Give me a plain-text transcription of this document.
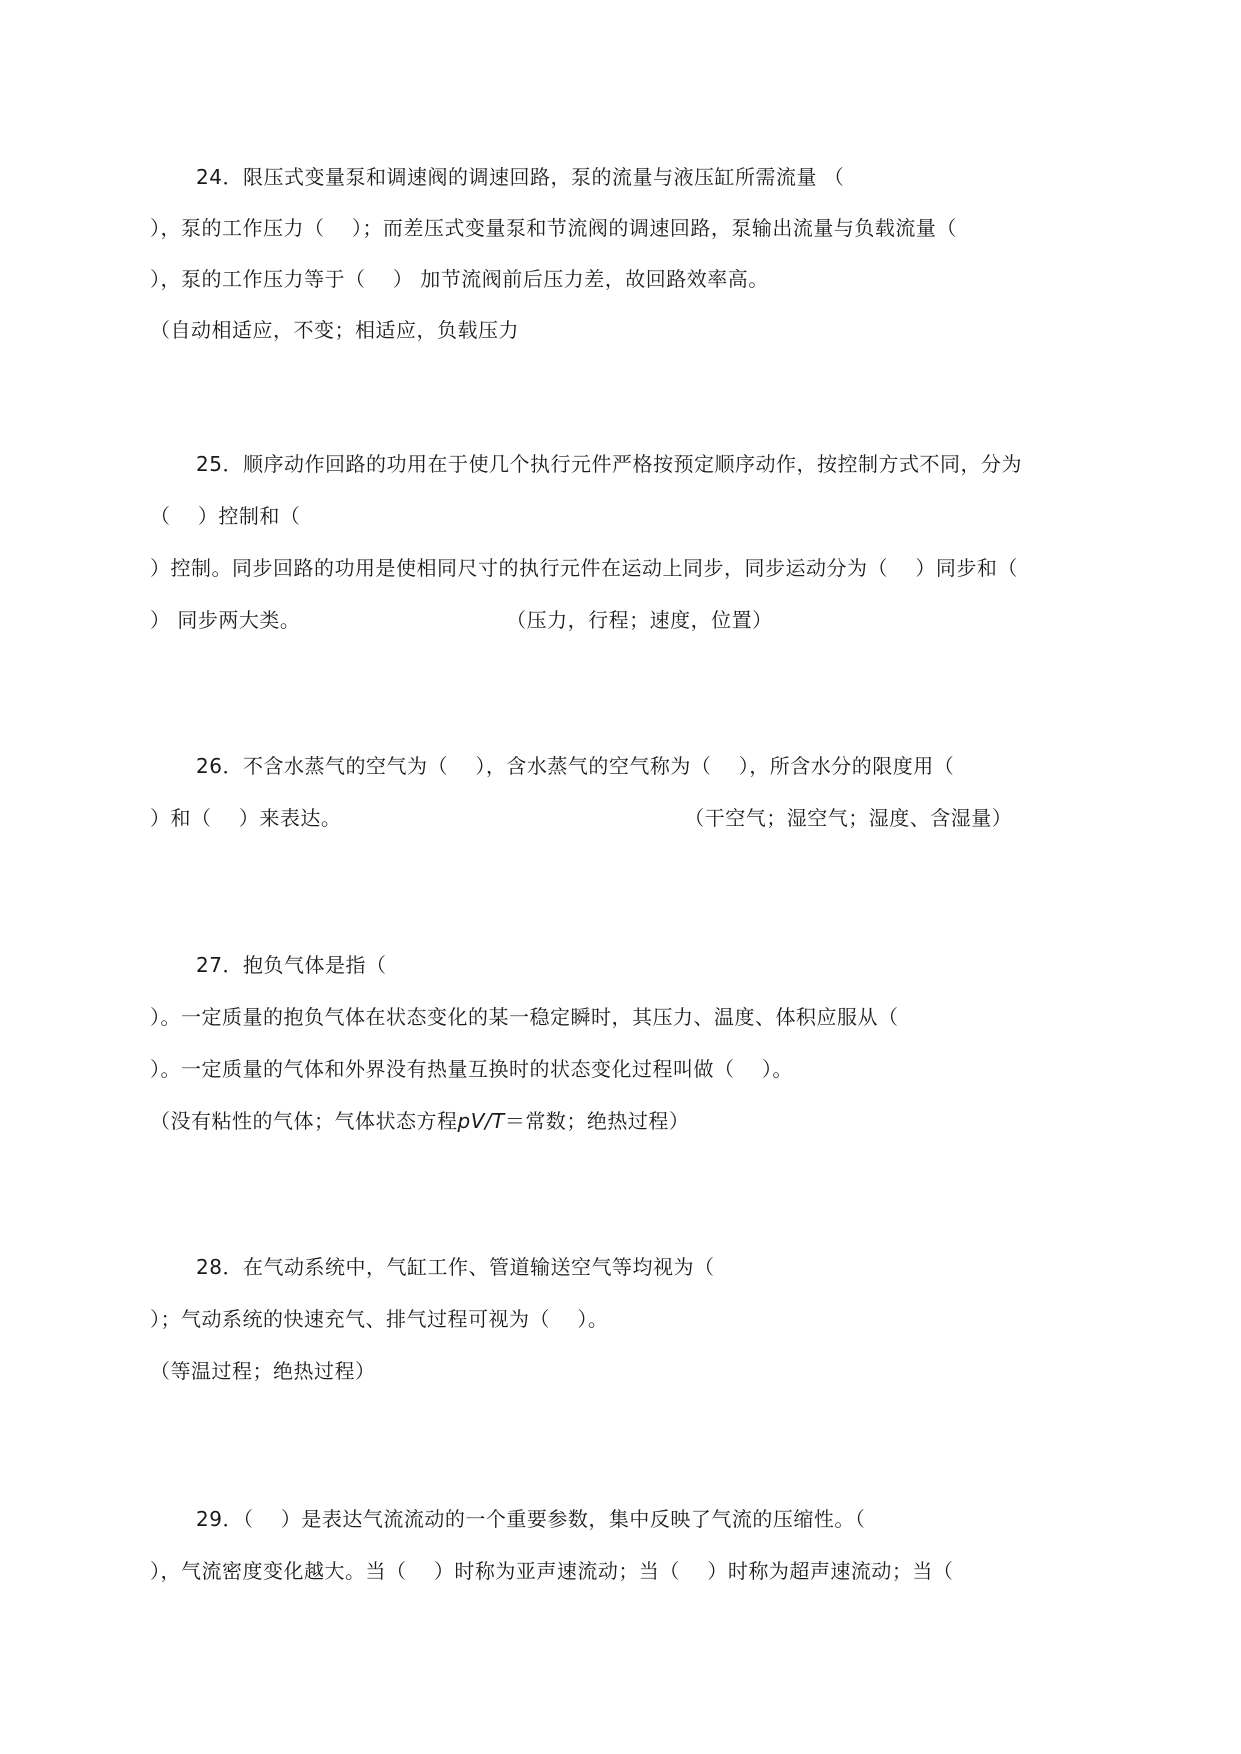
24．限压式变量泵和调速阀的调速回路，泵的流量与液压缸所需流量 （
），泵的工作压力（    ）；而差压式变量泵和节流阀的调速回路，泵输出流量与负载流量（
），泵的工作压力等于（    ） 加节流阀前后压力差，故回路效率高。
（自动相适应，不变；相适应，负载压力
25．顺序动作回路的功用在于使几个执行元件严格按预定顺序动作，按控制方式不同，分为
（    ）控制和（
）控制。同步回路的功用是使相同尺寸的执行元件在运动上同步，同步运动分为（    ）同步和（
） 同步两大类。                              （压力，行程；速度，位置）
26．不含水蒸气的空气为（    ），含水蒸气的空气称为（    ），所含水分的限度用（
）和（    ）来表达。                                                  （干空气；湿空气；湿度、含湿量）
27．抱负气体是指（
）。一定质量的抱负气体在状态变化的某一稳定瞬时，其压力、温度、体积应服从（
）。一定质量的气体和外界没有热量互换时的状态变化过程叫做（    ）。
（没有粘性的气体；气体状态方程pV/T＝常数；绝热过程）
28．在气动系统中，气缸工作、管道输送空气等均视为（
）；气动系统的快速充气、排气过程可视为（    ）。
（等温过程；绝热过程）
29．（    ）是表达气流流动的一个重要参数，集中反映了气流的压缩性。（
），气流密度变化越大。当（    ）时称为亚声速流动；当（    ）时称为超声速流动；当（
